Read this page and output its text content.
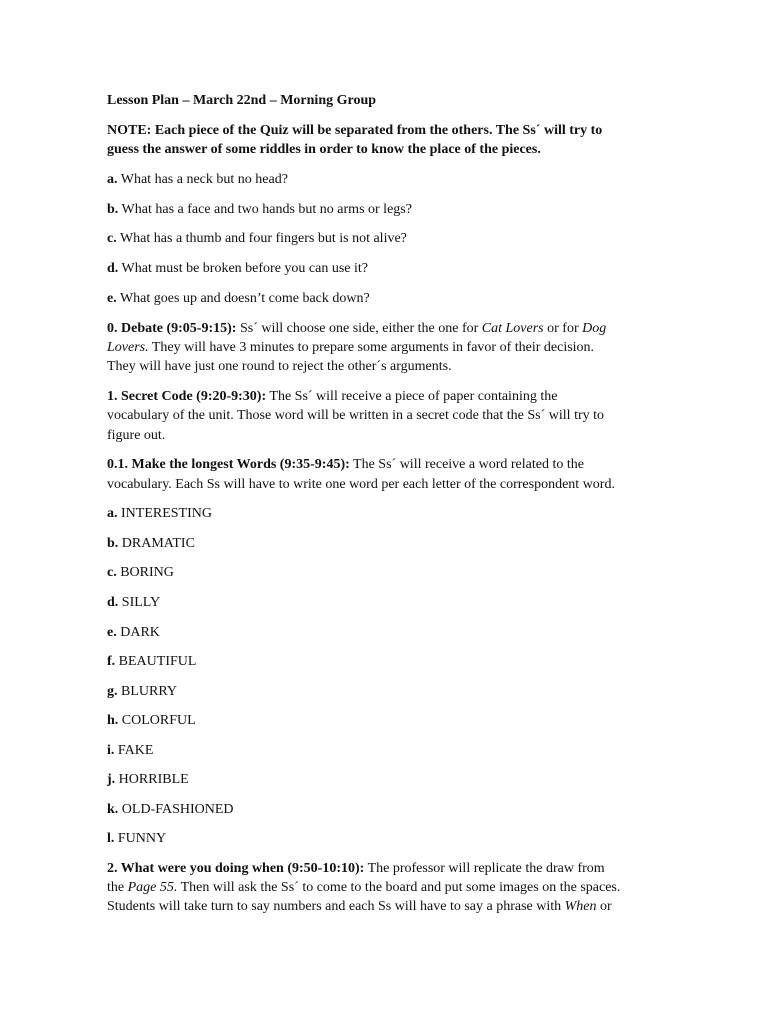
Lesson Plan – March 22nd – Morning Group
NOTE: Each piece of the Quiz will be separated from the others. The Ss´ will try to
guess the answer of some riddles in order to know the place of the pieces.
a. What has a neck but no head?
b. What has a face and two hands but no arms or legs?
c. What has a thumb and four fingers but is not alive?
d. What must be broken before you can use it?
e. What goes up and doesn’t come back down?
0. Debate (9:05-9:15): Ss´ will choose one side, either the one for Cat Lovers or for Dog
Lovers. They will have 3 minutes to prepare some arguments in favor of their decision.
They will have just one round to reject the other´s arguments.
1. Secret Code (9:20-9:30): The Ss´ will receive a piece of paper containing the
vocabulary of the unit. Those word will be written in a secret code that the Ss´ will try to
figure out.
0.1. Make the longest Words (9:35-9:45): The Ss´ will receive a word related to the
vocabulary. Each Ss will have to write one word per each letter of the correspondent word.
a. INTERESTING
b. DRAMATIC
c. BORING
d. SILLY
e. DARK
f. BEAUTIFUL
g. BLURRY
h. COLORFUL
i. FAKE
j. HORRIBLE
k. OLD-FASHIONED
l. FUNNY
2. What were you doing when (9:50-10:10): The professor will replicate the draw from
the Page 55. Then will ask the Ss´ to come to the board and put some images on the spaces.
Students will take turn to say numbers and each Ss will have to say a phrase with When or
